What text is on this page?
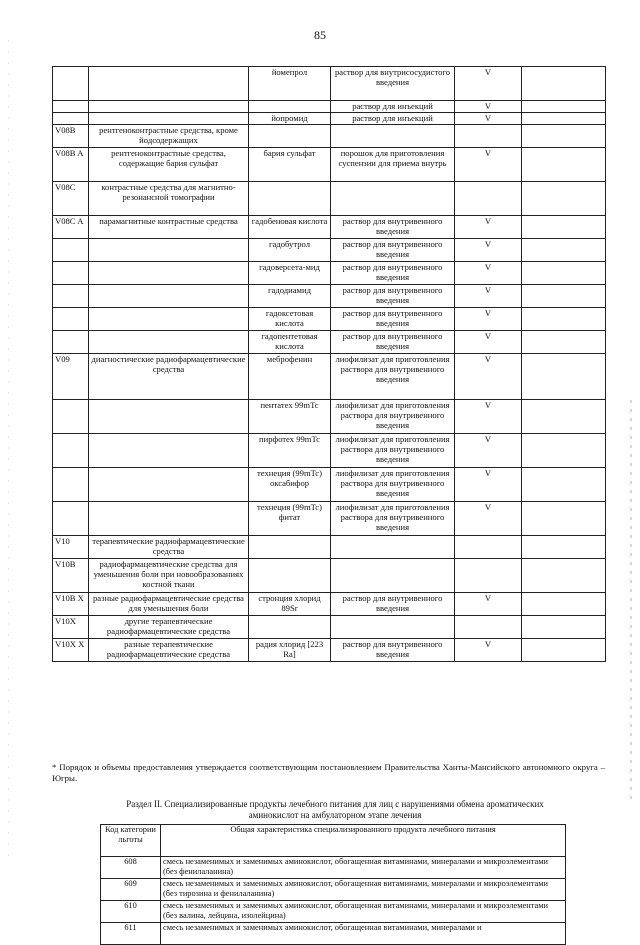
85
		йомепрол	раствор для внутрисосудистого введения	V	
			раствор для инъекций	V	
		йопромид	раствор для инъекций	V	
V08B	рентгеноконтрастные средства, кроме йодсодержащих				
V08B A	рентгеноконтрастные средства, содержащие бария сульфат	бария сульфат	порошок для приготовления суспензии для приема внутрь	V	
V08C	контрастные средства для магнитно-резонансной томографии				
V08C A	парамагнитные контрастные средства	гадобеновая кислота	раствор для внутривенного введения	V	
		гадобутрол	раствор для внутривенного введения	V	
		гадоверсета-мид	раствор для внутривенного введения	V	
		гадодиамид	раствор для внутривенного введения	V	
		гадоксетовая кислота	раствор для внутривенного введения	V	
		гадопентетовая кислота	раствор для внутривенного введения	V	
V09	диагностические радиофармацевтические средства	меброфенин	лиофилизат для приготовления раствора для внутривенного введения	V	
		пентатех 99mTc	лиофилизат для приготовления раствора для внутривенного введения	V	
		пирфотех 99mTc	лиофилизат для приготовления раствора для внутривенного введения	V	
		технеция (99mTc) оксабифор	лиофилизат для приготовления раствора для внутривенного введения	V	
		технеция (99mTc) фитат	лиофилизат для приготовления раствора для внутривенного введения	V	
V10	терапевтические радиофармацевтические средства				
V10B	радиофармацевтические средства для уменьшения боли при новообразованиях костной ткани				
V10B X	разные радиофармацевтические средства для уменьшения боли	стронция хлорид 89Sr	раствор для внутривенного введения	V	
V10X	другие терапевтические радиофармацевтические средства				
V10X X	разные терапевтические радиофармацевтические средства	радия хлорид [223 Ra]	раствор для внутривенного введения	V	
* Порядок и объемы предоставления утверждается соответствующим постановлением Правительства Ханты-Мансийского автономного округа – Югры.
Раздел II. Специализированные продукты лечебного питания для лиц с нарушениями обмена ароматических аминокислот на амбулаторном этапе лечения
Код категории льготы	Общая характеристика специализированного продукта лечебного питания
608	смесь незаменимых и заменимых аминокислот, обогащенная витаминами, минералами и микроэлементами (без фенилаланина)
609	смесь незаменимых и заменимых аминокислот, обогащенная витаминами, минералами и микроэлементами (без тирозина и фенилаланина)
610	смесь незаменимых и заменимых аминокислот, обогащенная витаминами, минералами и микроэлементами (без валина, лейцина, изолейцина)
611	смесь незаменимых и заменимых аминокислот, обогащенная витаминами, минералами и
